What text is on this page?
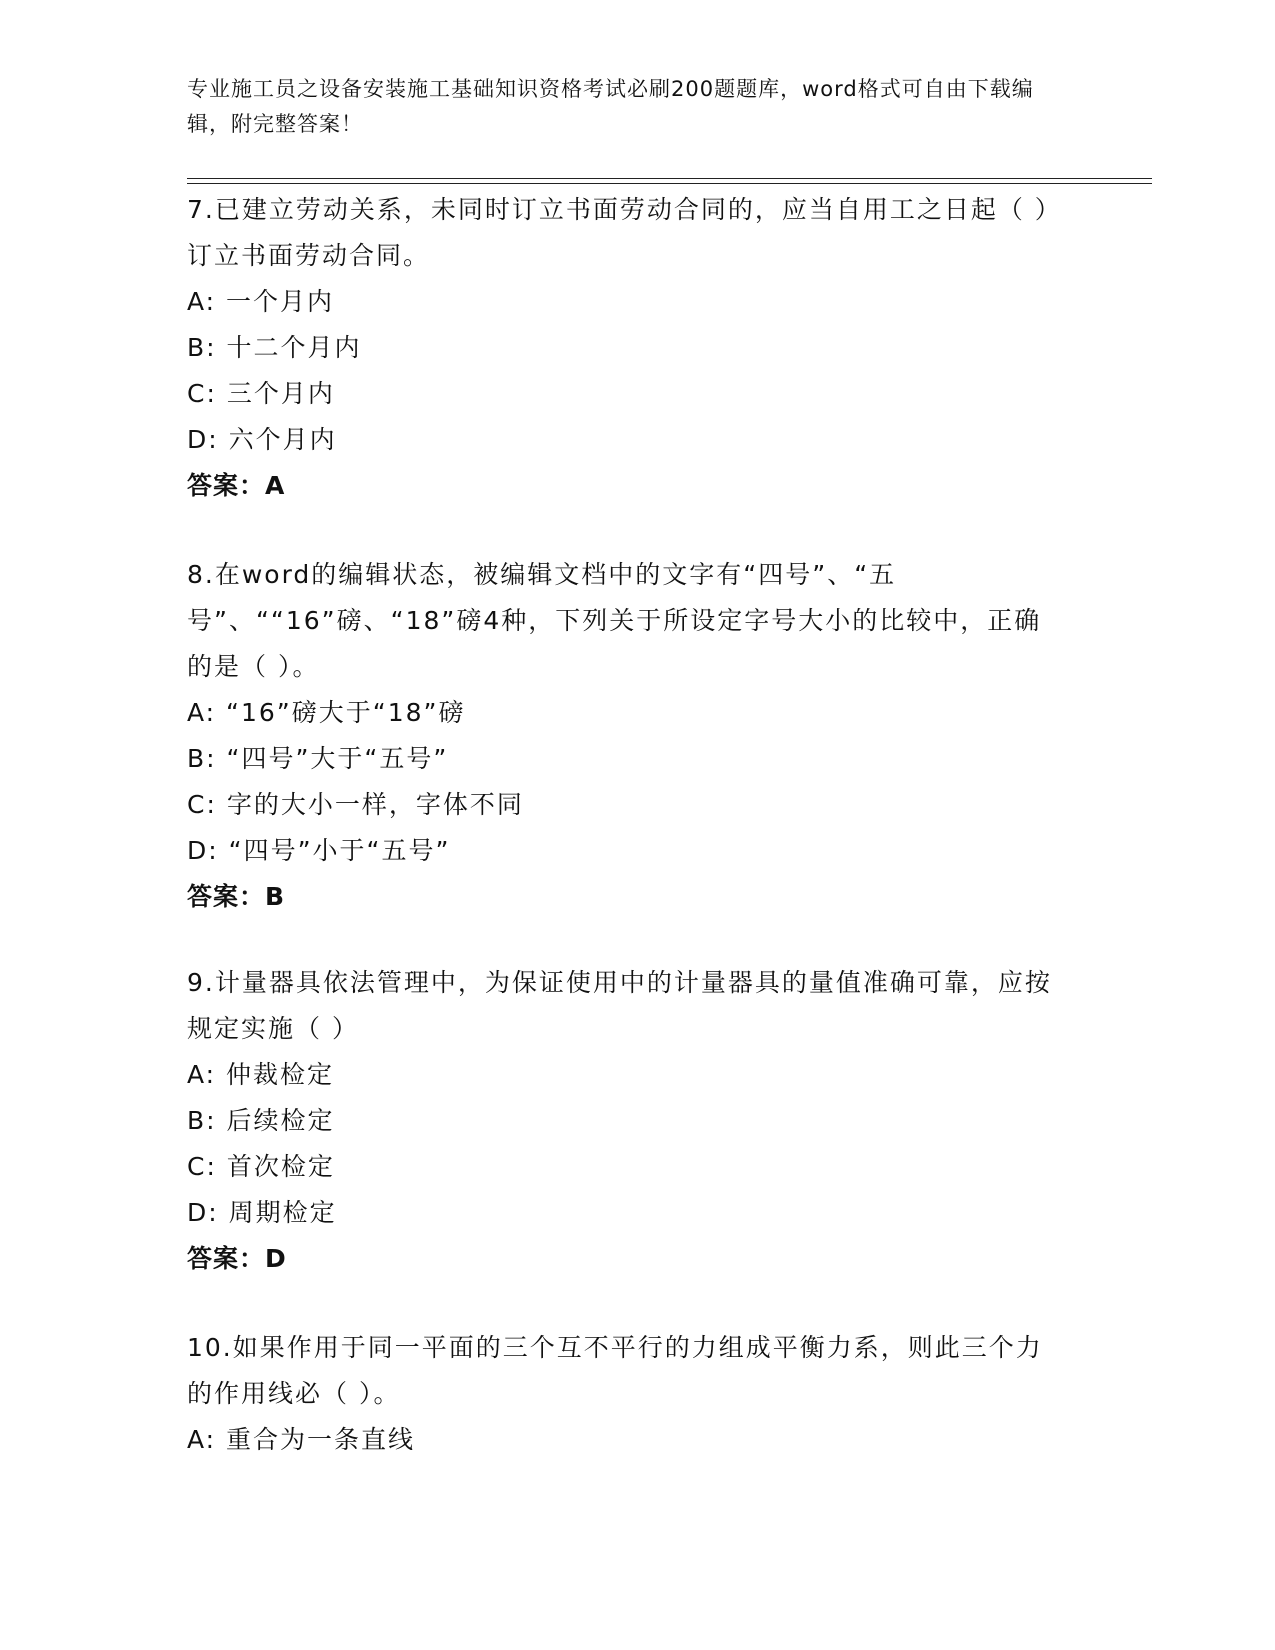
专业施工员之设备安装施工基础知识资格考试必刷200题题库，word格式可自由下载编辑，附完整答案！

7.已建立劳动关系，未同时订立书面劳动合同的，应当自用工之日起（ ）订立书面劳动合同。

A: 一个月内

B: 十二个月内

C: 三个月内

D: 六个月内

答案：A

8.在word的编辑状态，被编辑文档中的文字有“四号”、“五号”、““16”磅、“18”磅4种，下列关于所设定字号大小的比较中，正确的是（ ）。

A: “16”磅大于“18”磅

B: “四号”大于“五号”

C: 字的大小一样，字体不同

D: “四号”小于“五号”

答案：B

9.计量器具依法管理中，为保证使用中的计量器具的量值准确可靠，应按规定实施（ ）

A: 仲裁检定

B: 后续检定

C: 首次检定

D: 周期检定

答案：D

10.如果作用于同一平面的三个互不平行的力组成平衡力系，则此三个力的作用线必（ ）。

A: 重合为一条直线
